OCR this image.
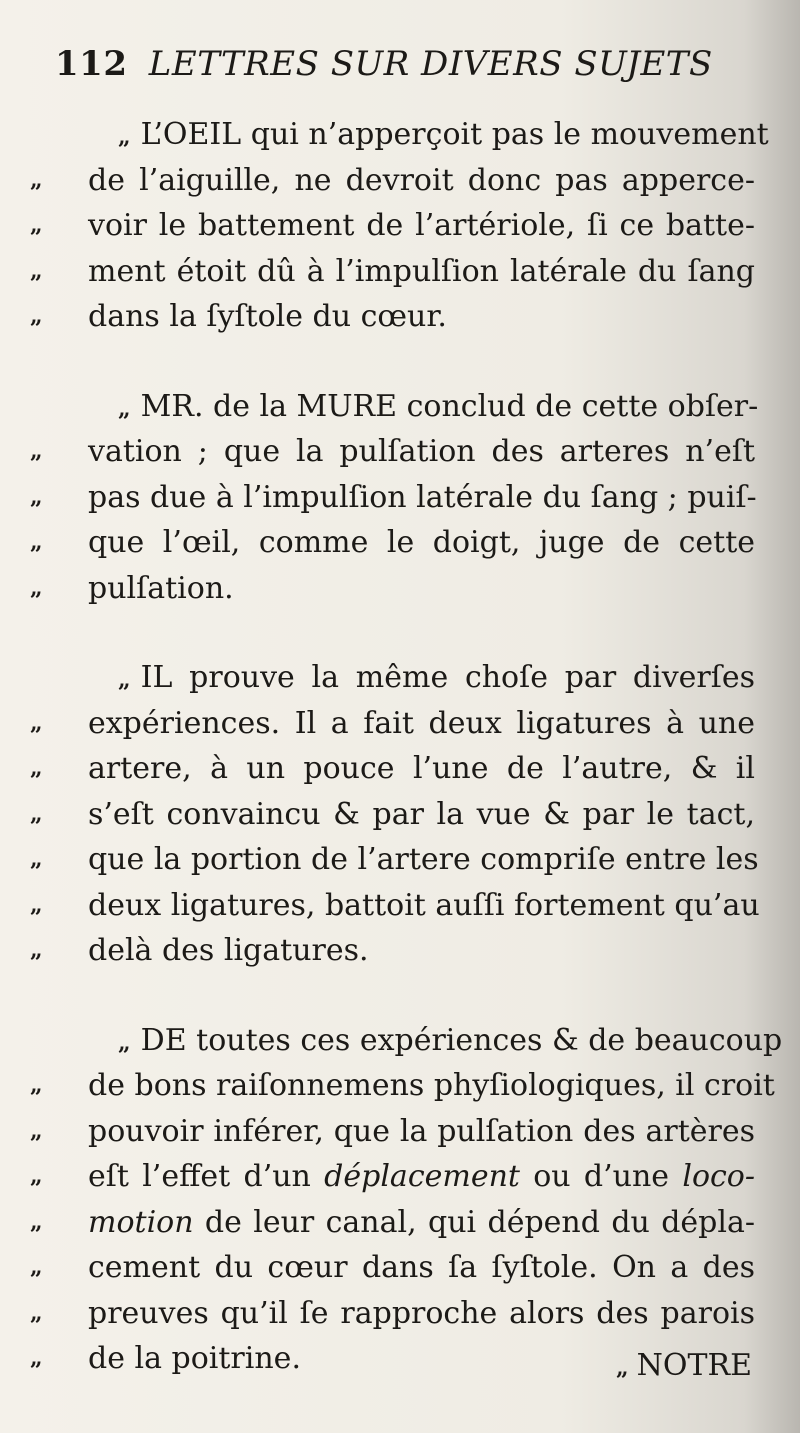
112 LETTRES SUR DIVERS SUJETS
„ L’OEIL qui n’apperçoit pas le mouvement
„	de l’aiguille, ne devroit donc pas apperce-
„	voir le battement de l’artériole, ſi ce batte-
„	ment étoit dû à l’impulſion latérale du ſang
„	dans la ſyſtole du cœur.
„ MR. de la MURE conclud de cette obſer-
„	vation ; que la pulſation des arteres n’eſt
„	pas due à l’impulſion latérale du ſang ; puiſ-
„	que l’œil, comme le doigt, juge de cette
„	pulſation.
„ IL prouve la même choſe par diverſes
„	expériences. Il a fait deux ligatures à une
„	artere, à un pouce l’une de l’autre, & il
„	s’eſt convaincu & par la vue & par le tact,
„	que la portion de l’artere compriſe entre les
„	deux ligatures, battoit auſſi fortement qu’au
„	delà des ligatures.
„ DE toutes ces expériences & de beaucoup
„	de bons raiſonnemens phyſiologiques, il croit
„	pouvoir inférer, que la pulſation des artères
„	eſt l’effet d’un déplacement ou d’une loco-
„	motion de leur canal, qui dépend du dépla-
„	cement du cœur dans ſa ſyſtole. On a des
„	preuves qu’il ſe rapproche alors des parois
„	de la poitrine.	„ NOTRE
